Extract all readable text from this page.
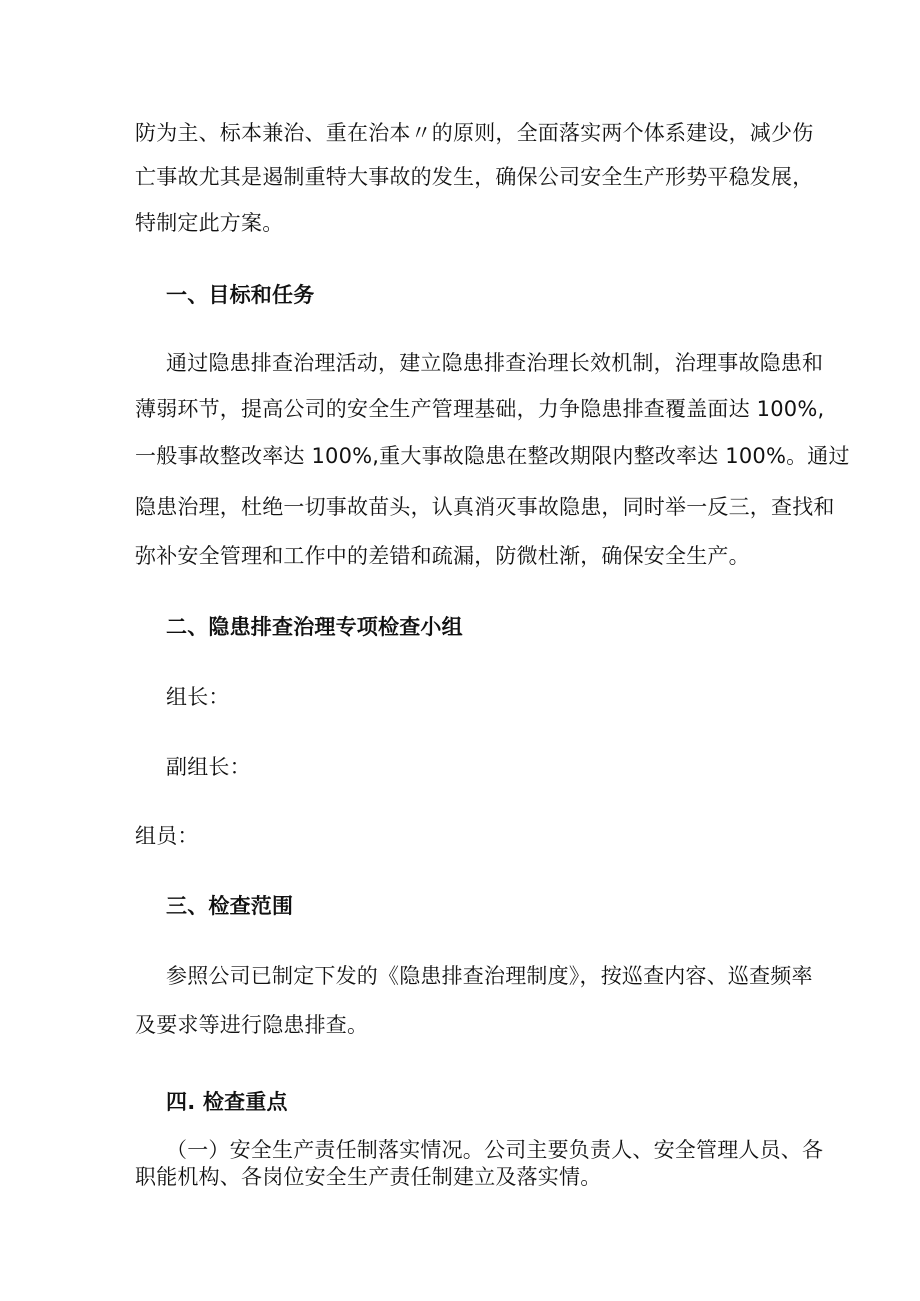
防为主、标本兼治、重在治本〃的原则，全面落实两个体系建设，减少伤
亡事故尤其是遏制重特大事故的发生，确保公司安全生产形势平稳发展，
特制定此方案。
一、目标和任务
通过隐患排查治理活动，建立隐患排查治理长效机制，治理事故隐患和
薄弱环节，提高公司的安全生产管理基础，力争隐患排查覆盖面达 100%,
一般事故整改率达 100%,重大事故隐患在整改期限内整改率达 100%。通过
隐患治理，杜绝一切事故苗头，认真消灭事故隐患，同时举一反三，查找和
弥补安全管理和工作中的差错和疏漏，防微杜渐，确保安全生产。
二、隐患排查治理专项检查小组
组长：
副组长：
组员：
三、检查范围
参照公司已制定下发的《隐患排查治理制度》，按巡查内容、巡查频率
及要求等进行隐患排查。
四. 检查重点
（一）安全生产责任制落实情况。公司主要负责人、安全管理人员、各
职能机构、各岗位安全生产责任制建立及落实情。
